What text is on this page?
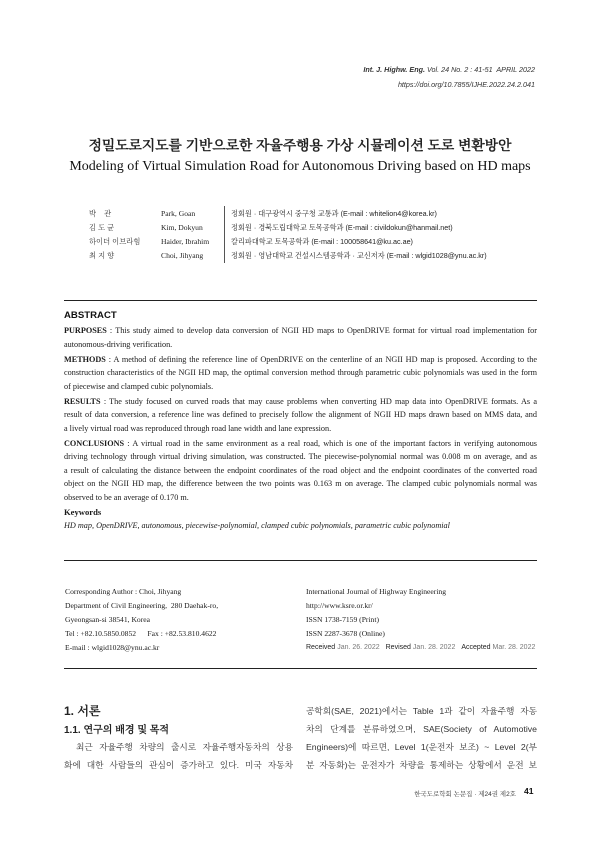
Int. J. Highw. Eng. Vol. 24 No. 2 : 41-51  APRIL 2022
https://doi.org/10.7855/IJHE.2022.24.2.041
정밀도로지도를 기반으로한 자율주행용 가상 시뮬레이션 도로 변환방안
Modeling of Virtual Simulation Road for Autonomous Driving based on HD maps
박    관	Park, Goan	정회원 · 대구광역시 중구청 교통과 (E-mail : whitelion4@korea.kr)
김 도 균	Kim, Dokyun	정회원 · 경북도립대학교 토목공학과 (E-mail : civildokun@hanmail.net)
하이더 이브라힘	Haider, Ibrahim	칼리파대학교 토목공학과 (E-mail : 100058641@ku.ac.ae)
최 지 향	Choi, Jihyang	정회원 · 영남대학교 건설시스템공학과 · 교신저자 (E-mail : wlgid1028@ynu.ac.kr)
ABSTRACT
PURPOSES : This study aimed to develop data conversion of NGII HD maps to OpenDRIVE format for virtual road implementation for
autonomous-driving verification.
METHODS : A method of defining the reference line of OpenDRIVE on the centerline of an NGII HD map is proposed. According to the
construction characteristics of the NGII HD map, the optimal conversion method through parametric cubic polynomials was used in the form
of piecewise and clamped cubic polynomials.
RESULTS : The study focused on curved roads that may cause problems when converting HD map data into OpenDRIVE formats. As a
result of data conversion, a reference line was defined to precisely follow the alignment of NGII HD maps drawn based on MMS data, and
a lively virtual road was reproduced through road lane width and lane expression.
CONCLUSIONS : A virtual road in the same environment as a real road, which is one of the important factors in verifying autonomous
driving technology through virtual driving simulation, was constructed. The piecewise-polynomial normal was 0.008 m on average, and as
a result of calculating the distance between the endpoint coordinates of the road object and the endpoint coordinates of the converted road
object on the NGII HD map, the difference between the two points was 0.163 m on average. The clamped cubic polynomials normal was
observed to be an average of 0.170 m.
Keywords
HD map, OpenDRIVE, autonomous, piecewise-polynomial, clamped cubic polynomials, parametric cubic polynomial
Corresponding Author : Choi, Jihyang
Department of Civil Engineering,  280 Daehak-ro,
Gyeongsan-si 38541, Korea
Tel : +82.10.5850.0852      Fax : +82.53.810.4622
E-mail : wlgid1028@ynu.ac.kr
International Journal of Highway Engineering
http://www.ksre.or.kr/
ISSN 1738-7159 (Print)
ISSN 2287-3678 (Online)
Received Jan. 26. 2022 Revised Jan. 28. 2022 Accepted Mar. 28. 2022
1. 서론
1.1. 연구의 배경 및 목적
최근 자율주행 차량의 출시로 자율주행자동차의 상용
화에 대한 사람들의 관심이 증가하고 있다. 미국 자동차
공학회(SAE, 2021)에서는 Table 1과 같이 자율주행 자동
차의 단계를 분류하였으며, SAE(Society of Automotive
Engineers)에 따르면, Level 1(운전자 보조) ~ Level 2(부
분 자동화)는 운전자가 차량을 통제하는 상황에서 운전 보
한국도로학회 논문집 · 제24권 제2호 41
